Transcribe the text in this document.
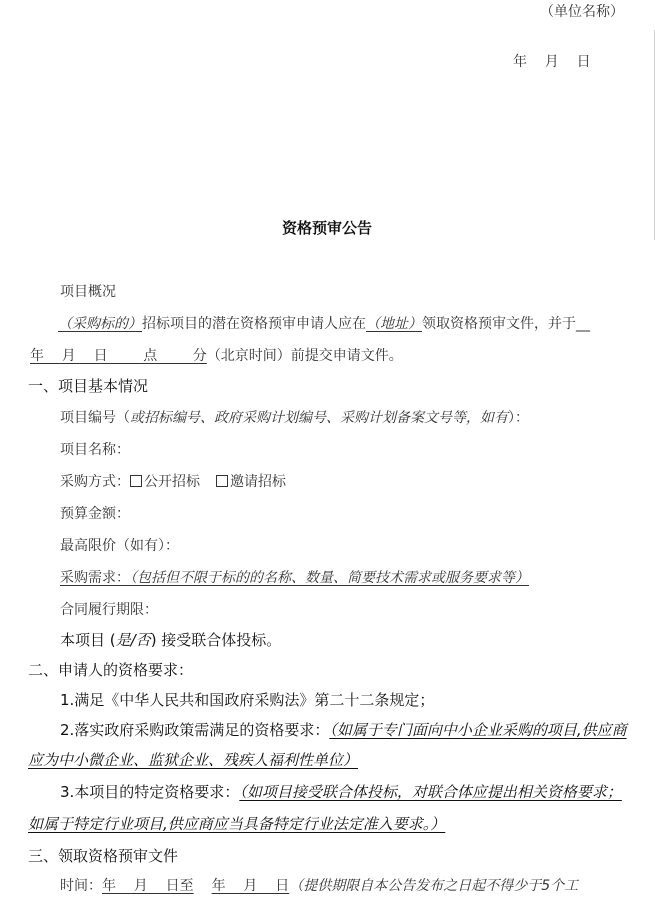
（单位名称）
年    月    日
资格预审公告
项目概况
（采购标的）招标项目的潜在资格预审申请人应在（地址）领取资格预审文件，并于__
年    月    日        点        分（北京时间）前提交申请文件。
一、项目基本情况
项目编号（或招标编号、政府采购计划编号、采购计划备案文号等，如有）：
项目名称：
采购方式： 公开招标 邀请招标
预算金额：
最高限价（如有）：
采购需求：（包括但不限于标的的名称、数量、简要技术需求或服务要求等）
合同履行期限：
本项目 (是/否) 接受联合体投标。
二、申请人的资格要求：
1.满足《中华人民共和国政府采购法》第二十二条规定；
2.落实政府采购政策需满足的资格要求：（如属于专门面向中小企业采购的项目,供应商
应为中小微企业、监狱企业、残疾人福利性单位）
3.本项目的特定资格要求：（如项目接受联合体投标，对联合体应提出相关资格要求；
如属于特定行业项目,供应商应当具备特定行业法定准入要求。）
三、领取资格预审文件
时间：年    月    日至 年    月    日（提供期限自本公告发布之日起不得少于5个工
